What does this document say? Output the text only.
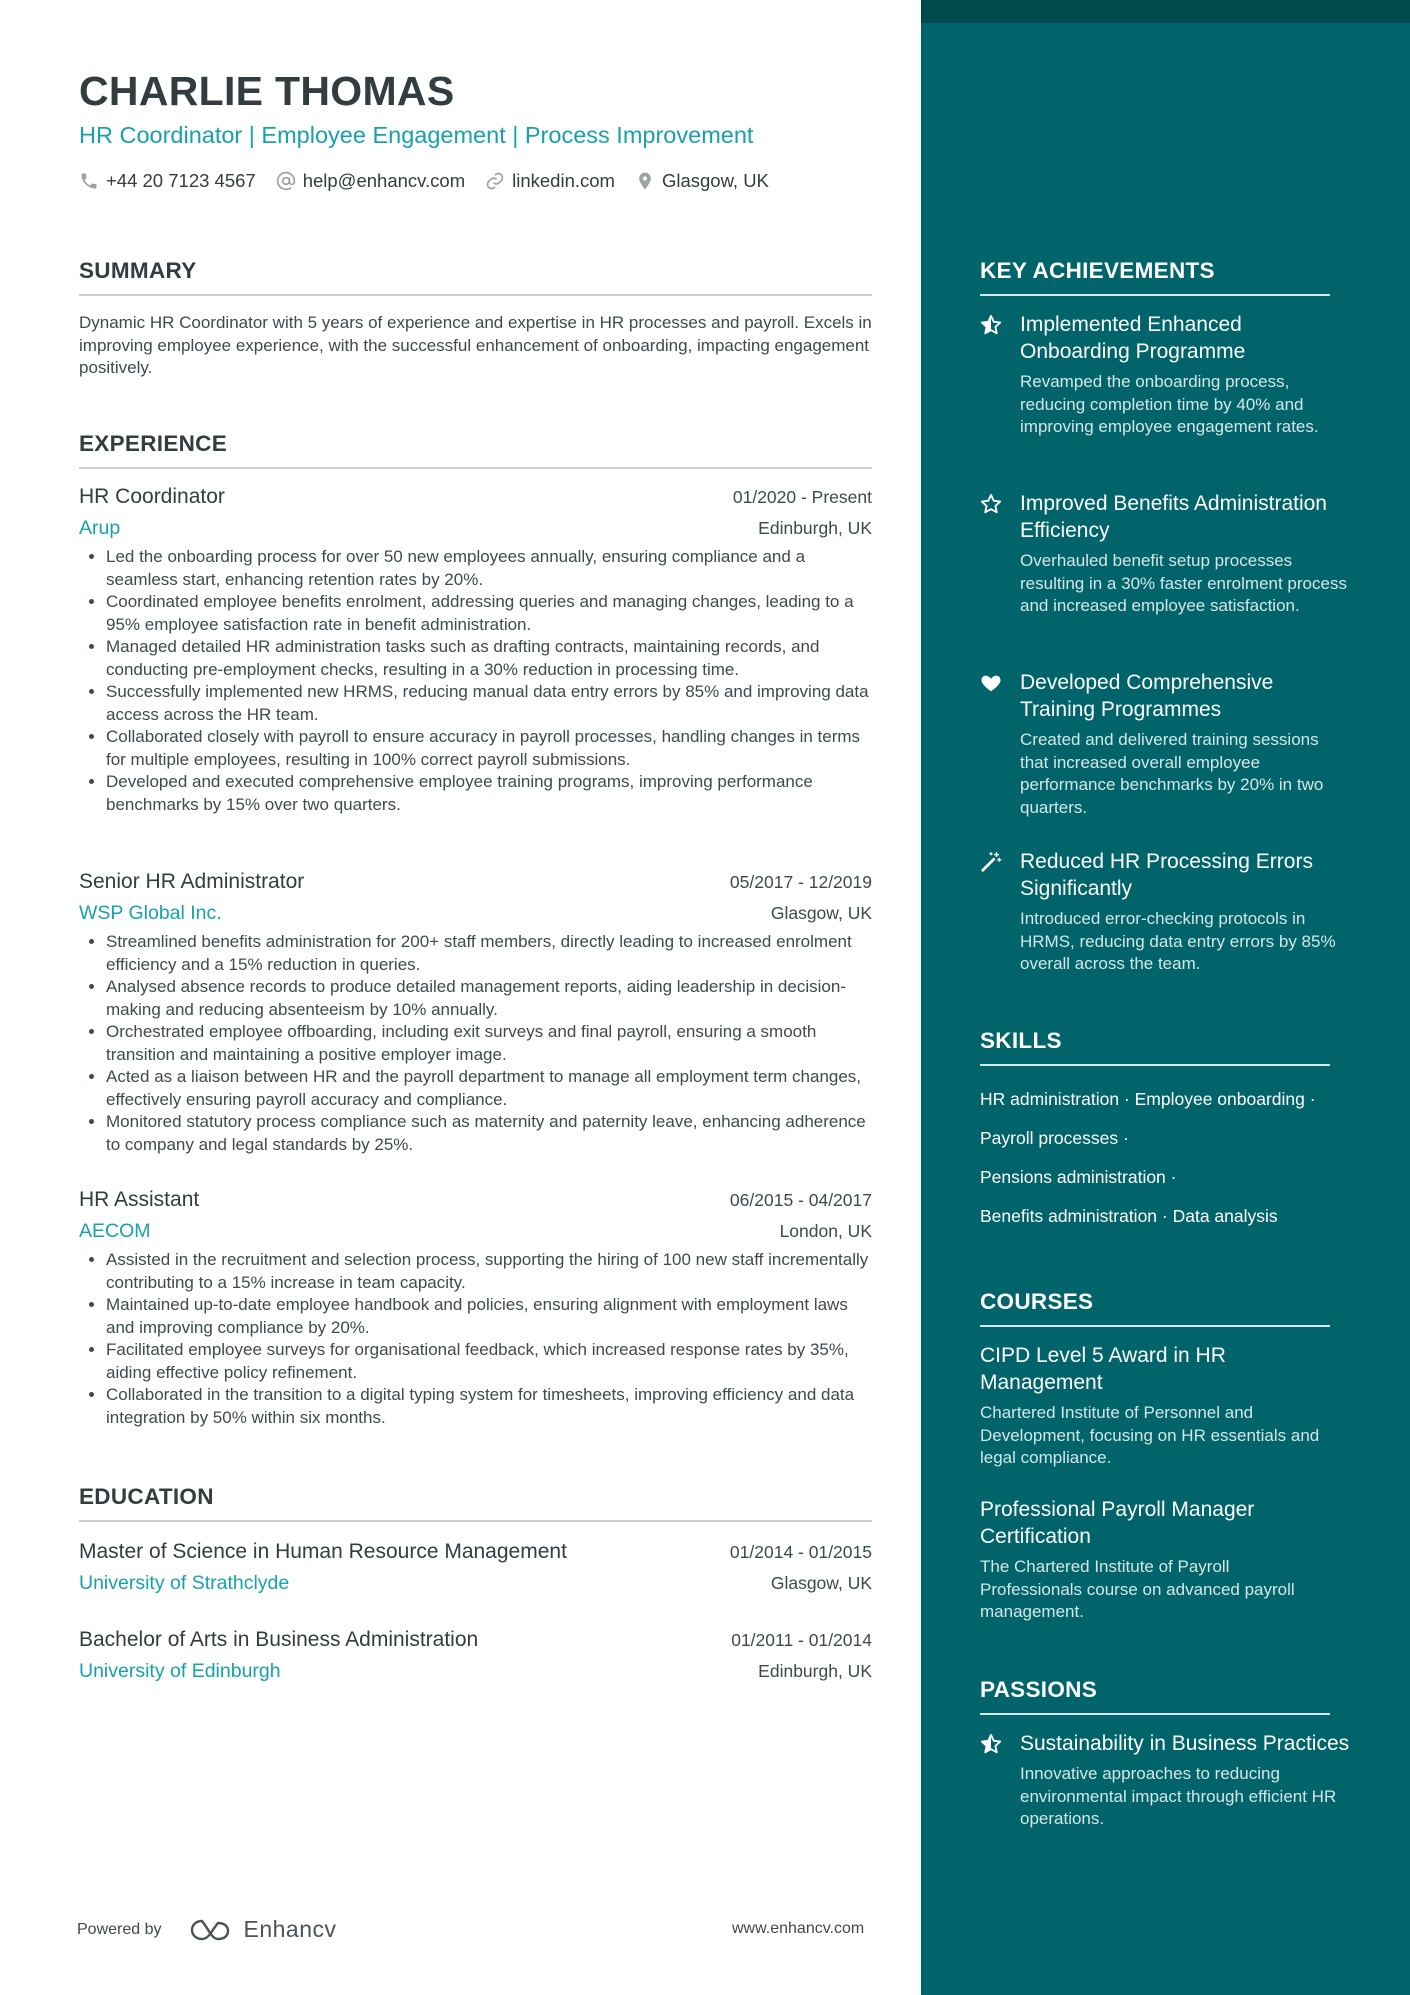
CHARLIE THOMAS
HR Coordinator | Employee Engagement | Process Improvement
+44 20 7123 4567	help@enhancv.com	linkedin.com	Glasgow, UK
SUMMARY

Dynamic HR Coordinator with 5 years of experience and expertise in HR processes and payroll. Excels in improving employee experience, with the successful enhancement of onboarding, impacting engagement positively.

EXPERIENCE
HR Coordinator	01/2020 - Present
Arup	Edinburgh, UK
• Led the onboarding process for over 50 new employees annually, ensuring compliance and a seamless start, enhancing retention rates by 20%.
• Coordinated employee benefits enrolment, addressing queries and managing changes, leading to a 95% employee satisfaction rate in benefit administration.
• Managed detailed HR administration tasks such as drafting contracts, maintaining records, and conducting pre-employment checks, resulting in a 30% reduction in processing time.
• Successfully implemented new HRMS, reducing manual data entry errors by 85% and improving data access across the HR team.
• Collaborated closely with payroll to ensure accuracy in payroll processes, handling changes in terms for multiple employees, resulting in 100% correct payroll submissions.
• Developed and executed comprehensive employee training programs, improving performance benchmarks by 15% over two quarters.
Senior HR Administrator	05/2017 - 12/2019
WSP Global Inc.	Glasgow, UK
• Streamlined benefits administration for 200+ staff members, directly leading to increased enrolment efficiency and a 15% reduction in queries.
• Analysed absence records to produce detailed management reports, aiding leadership in decision-making and reducing absenteeism by 10% annually.
• Orchestrated employee offboarding, including exit surveys and final payroll, ensuring a smooth transition and maintaining a positive employer image.
• Acted as a liaison between HR and the payroll department to manage all employment term changes, effectively ensuring payroll accuracy and compliance.
• Monitored statutory process compliance such as maternity and paternity leave, enhancing adherence to company and legal standards by 25%.
HR Assistant	06/2015 - 04/2017
AECOM	London, UK
• Assisted in the recruitment and selection process, supporting the hiring of 100 new staff incrementally contributing to a 15% increase in team capacity.
• Maintained up-to-date employee handbook and policies, ensuring alignment with employment laws and improving compliance by 20%.
• Facilitated employee surveys for organisational feedback, which increased response rates by 35%, aiding effective policy refinement.
• Collaborated in the transition to a digital typing system for timesheets, improving efficiency and data integration by 50% within six months.
EDUCATION
Master of Science in Human Resource Management	01/2014 - 01/2015
University of Strathclyde	Glasgow, UK
Bachelor of Arts in Business Administration	01/2011 - 01/2014
University of Edinburgh	Edinburgh, UK
KEY ACHIEVEMENTS
Implemented Enhanced Onboarding Programme
Revamped the onboarding process, reducing completion time by 40% and improving employee engagement rates.
Improved Benefits Administration Efficiency
Overhauled benefit setup processes resulting in a 30% faster enrolment process and increased employee satisfaction.
Developed Comprehensive Training Programmes
Created and delivered training sessions that increased overall employee performance benchmarks by 20% in two quarters.
Reduced HR Processing Errors Significantly
Introduced error-checking protocols in HRMS, reducing data entry errors by 85% overall across the team.
SKILLS
HR administration · Employee onboarding ·
Payroll processes ·
Pensions administration ·
Benefits administration · Data analysis
COURSES
CIPD Level 5 Award in HR Management
Chartered Institute of Personnel and Development, focusing on HR essentials and legal compliance.
Professional Payroll Manager Certification
The Chartered Institute of Payroll Professionals course on advanced payroll management.
PASSIONS
Sustainability in Business Practices
Innovative approaches to reducing environmental impact through efficient HR operations.
Powered by	Enhancv	www.enhancv.com
